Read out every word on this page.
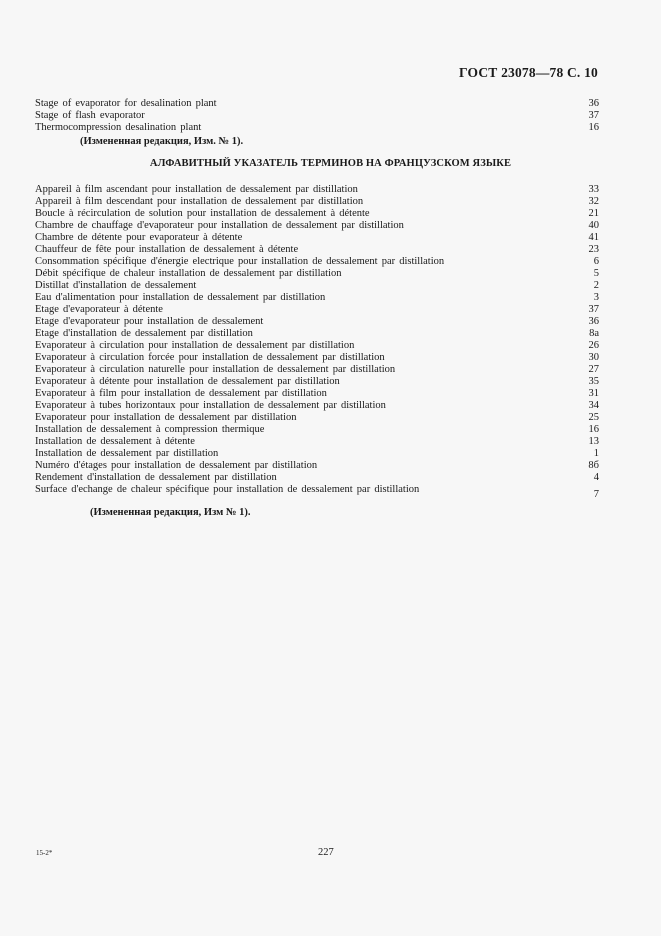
ГОСТ 23078—78 С. 10
Stage of evaporator for desalination plant	36
Stage of flash evaporator	37
Thermocompression desalination plant	16
(Измененная редакция, Изм. № 1).
АЛФАВИТНЫЙ УКАЗАТЕЛЬ ТЕРМИНОВ НА ФРАНЦУЗСКОМ ЯЗЫКЕ
Appareil à film ascendant pour installation de dessalement par distillation	33
Appareil à film descendant pour installation de dessalement par distillation	32
Boucle à récirculation de solution pour installation de dessalement à détente	21
Chambre de chauffage d'evaporateur pour installation de dessalement par distillation	40
Chambre de détente pour evaporateur à détente	41
Chauffeur de fête pour installation de dessalement à détente	23
Consommation spécifique d'énergie electrique pour installation de dessalement par distillation	6
Débit spécifique de chaleur installation de dessalement par distillation	5
Distillat d'installation de dessalement	2
Eau d'alimentation pour installation de dessalement par distillation	3
Etage d'evaporateur à détente	37
Etage d'evaporateur pour installation de dessalement	36
Etage d'installation de dessalement par distillation	8a
Evaporateur à circulation pour installation de dessalement par distillation	26
Evaporateur à circulation forcée pour installation de dessalement par distillation	30
Evaporateur à circulation naturelle pour installation de dessalement par distillation	27
Evaporateur à détente pour installation de dessalement par distillation	35
Evaporateur à film pour installation de dessalement par distillation	31
Evaporateur à tubes horizontaux pour installation de dessalement par distillation	34
Evaporateur pour installation de dessalement par distillation	25
Installation de dessalement à compression thermique	16
Installation de dessalement à détente	13
Installation de dessalement par distillation	1
Numéro d'étages pour installation de dessalement par distillation	8б
Rendement d'installation de dessalement par distillation	4
Surface d'echange de chaleur spécifique pour installation de dessalement par distillation	7
(Измененная редакция, Изм № 1).
15-2*	227
